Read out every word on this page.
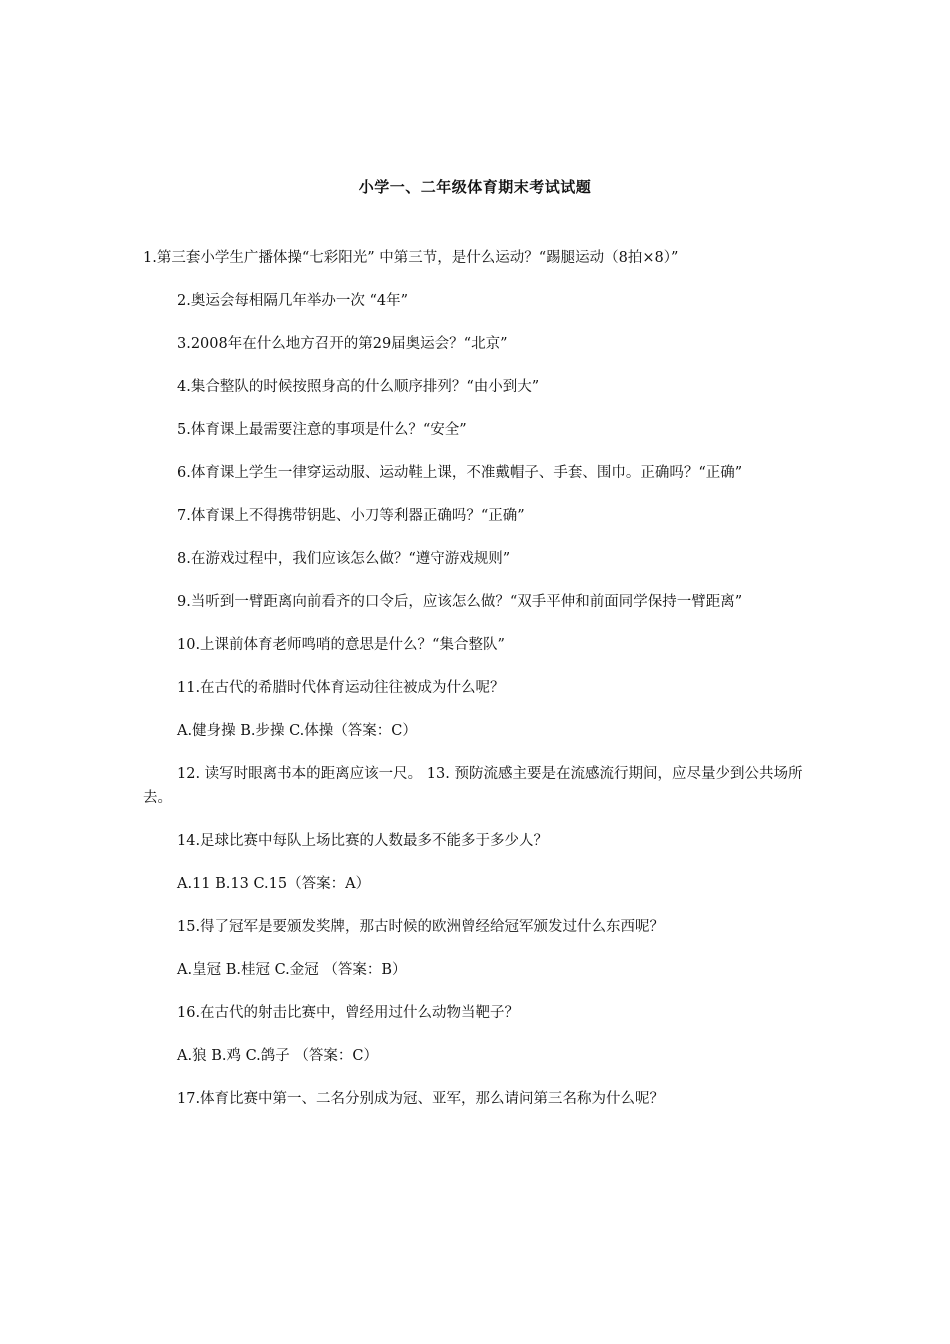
小学一、二年级体育期末考试试题

1.第三套小学生广播体操“七彩阳光” 中第三节，是什么运动？“踢腿运动（8拍×8）”

2.奥运会每相隔几年举办一次 “4年”

3.2008年在什么地方召开的第29届奥运会？“北京”

4.集合整队的时候按照身高的什么顺序排列？“由小到大”

5.体育课上最需要注意的事项是什么？“安全”

6.体育课上学生一律穿运动服、运动鞋上课，不准戴帽子、手套、围巾。正确吗？“正确”

7.体育课上不得携带钥匙、小刀等利器正确吗？“正确”

8.在游戏过程中，我们应该怎么做？“遵守游戏规则”

9.当听到一臂距离向前看齐的口令后，应该怎么做？“双手平伸和前面同学保持一臂距离”

10.上课前体育老师鸣哨的意思是什么？“集合整队”

11.在古代的希腊时代体育运动往往被成为什么呢？

A.健身操 B.步操 C.体操（答案：C）

12. 读写时眼离书本的距离应该一尺。 13. 预防流感主要是在流感流行期间，应尽量少到公共场所去。

14.足球比赛中每队上场比赛的人数最多不能多于多少人？

A.11 B.13 C.15（答案：A）

15.得了冠军是要颁发奖牌，那古时候的欧洲曾经给冠军颁发过什么东西呢？

A.皇冠 B.桂冠 C.金冠 （答案：B）

16.在古代的射击比赛中，曾经用过什么动物当靶子？

A.狼 B.鸡 C.鸽子 （答案：C）

17.体育比赛中第一、二名分别成为冠、亚军，那么请问第三名称为什么呢？
